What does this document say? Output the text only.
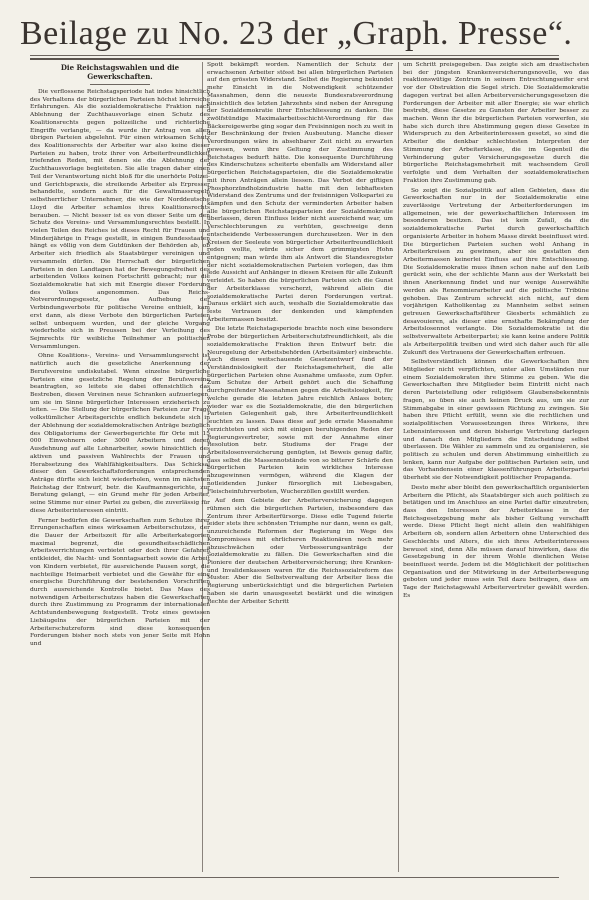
Beilage zu No. 23 der „Graph. Presse“.
Die Reichstagswahlen und die
Gewerkschaften.

Die verflossene Reichstagsperiode hat indes hinsichtlich des Verhaltens der bürgerlichen Parteien höchst lehrreiche Erfahrungen. Als die sozialdemokratische Fraktion nach Ablehnung der Zuchthausvorlage einen Schutz des Koalitionsrechts gegen polizeiliche und richterliche Eingriffe verlangte, — da wurde ihr Antrag von allen übrigen Parteien abgelehnt. Für einen wirksamen Schutz des Koalitionsrechts der Arbeiter war also keine dieser Parteien zu haben, trotz ihrer von Arbeiterfreundlichkeit triefenden Reden, mit denen sie die Ablehnung der Zuchthausvorlage begleiteten. Sie alle tragen daher einen Teil der Verantwortung nicht bloß für die unerhörte Polizei- und Gerichtspraxis, die streikende Arbeiter als Erpresser behandelte, sondern auch für die Gewaltmassregeln selbstherrlicher Unternehmer, die wie der Norddeutsche Lloyd die Arbeiter schamlos ihres Koalitionsrechts berauben. — Nicht besser ist es von dieser Seite um den Schutz des Vereins- und Versammlungsrechtes bestellt. In vielen Teilen des Reiches ist dieses Recht für Frauen und Minderjährige in Frage gestellt, in einigen Bundesstaaten hängt es völlig von dem Gutdünken der Behörden ab, ob Arbeiter sich friedlich als Staatsbürger vereinigen und versammeln dürfen. Die Herrschaft der bürgerlichen Parteien in den Landtagen hat der Bewegungsfreiheit des arbeitenden Volkes keinen Fortschritt gebracht; nur die Sozialdemokratie hat sich mit Energie dieser Forderung des Volkes angenommen. Das Reichs-Notverordnungsgesetz, das Aufhebung der Verbindungsverbote für politische Vereine enthielt, kam erst dann, als diese Verbote den bürgerlichen Parteien selbst unbequem wurden, und der gleiche Vorgang wiederholte sich in Preussen bei der Verleihung des Sejmrechts für weibliche Teilnehmer an politischen Versammlungen.

Ohne Koalitions-, Vereins- und Versammlungsrecht ist natürlich auch die gesetzliche Anerkennung der Berufsvereine undiskutabel. Wenn einzelne bürgerliche Parteien eine gesetzliche Regelung der Berufsvereine beantragten, so leitete sie dabei offensichtlich das Bestreben, diesen Vereinen neue Schranken aufzuerlegen, um sie im Sinne bürgerlicher Interessen erzieherisch zu leiten. — Die Stellung der bürgerlichen Parteien zur Frage volkstümlicher Arbeitsgerichte endlich bekundete sich in der Ablehnung der sozialdemokratischen Anträge bezüglich des Obligatoriums der Gewerbegerichte für Orte mit 15 000 Einwohnern oder 3000 Arbeitern und deren Ausdehnung auf alle Lohnarbeiter, sowie hinsichtlich des aktiven und passiven Wahlrechts der Frauen und Herabsetzung des Wahlfähigkeitsalters. Das Schicksal dieser den Gewerkschaftsforderungen entsprechenden Anträge dürfte sich leicht wiederholen, wenn im nächsten Reichstag der Entwurf, betr. die Kaufmannsgerichte, zur Beratung gelangt, — ein Grund mehr für jeden Arbeiter, seine Stimme nur einer Partei zu geben, die zuverlässig für diese Arbeiterinteressen eintritt.

Ferner bedürfen die Gewerkschaften zum Schutze ihrer Errungenschaften eines wirksamen Arbeiterschutzes, der die Dauer der Arbeitszeit für alle Arbeiterkategorien maximal begrenzt, die gesundheitsschädlichen Arbeitsverrichtungen verbietet oder doch ihrer Gefahren entkleidet, die Nacht- und Sonntagsarbeit sowie die Arbeit von Kindern verbietet, für ausreichende Pausen sorgt, die nachteilige Heimarbeit verbietet und die Gewähr für eine energische Durchführung der bestehenden Vorschriften durch ausreichende Kontrolle bietet. Das Mass des notwendigen Arbeiterschutzes haben die Gewerkschaften durch ihre Zustimmung zu Programm der internationalen Achtstundenbewegung festgestellt. Trotz eines gewissen Liebäugelns der bürgerlichen Parteien mit der Arbeiterschutzreform sind diese konsequenten Forderungen bisher noch stets von jener Seite mit Hohn und

Spott bekämpft worden. Namentlich der Schutz der erwachsenen Arbeiter stösst bei allen bürgerlichen Parteien auf den grössten Widerstand. Selbst die Regierung bekundet mehr Einsicht in die Notwendigkeit schützender Massnahmen, denn die neueste Bundesratsverordnung hinsichtlich des letzten Jahrzehnts sind neben der Anregung der Sozialdemokratie ihrer Entschliessung zu danken. Die zwölfstündige Maximalarbeitsschicht-Verordnung für das Bäckereigewerbe ging sogar den Freisinnigen noch zu weit in der Beschränkung der freien Ausbeutung. Manche dieser Verordnungen wäre in absehbarer Zeit nicht zu erwarten gewesen, wenn ihre Geltung der Zustimmung des Reichstages bedurft hätte. Die konsequente Durchführung des Kinderschutzes scheiterte ebenfalls am Widerstand aller bürgerlichen Reichstagsparteien, die die Sozialdemokratie mit ihren Anträgen allein liessen. Das Verbot der giftigen Phosphorzündholzindustrie hatte mit den lebhaftesten Widerstand des Zentrums und der freisinnigen Volkspartei zu kämpfen und den Schutz der verminderten Arbeiter haben alle bürgerlichen Reichstagsparteien der Sozialdemokratie überlassen, deren Einfluss leider nicht ausreichend war, um Verschlechterungen zu verhüten, geschweige denn entscheidende Verbesserungen durchzusetzen. Wer in den Kreisen der Seeleute von bürgerlicher Arbeiterfreundlichkeit reden wollte, würde sicher dem grimmigsten Hohn entgegnen; man würde ihm als Antwort die Standesregister der nicht sozialdemokratischen Parteien vorlegen, das ihm jede Aussicht auf Anhänger in diesen Kreisen für alle Zukunft verleidet. So haben die bürgerlichen Parteien sich die Gunst der Arbeiterklasse verscherzt, während allein die sozialdemokratische Partei deren Forderungen vertrat. Daraus erklärt sich auch, weshalb die Sozialdemokratie das feste Vertrauen der denkenden und kämpfenden Arbeitermassen besitzt.

Die letzte Reichstagsperiode brachte noch eine besondere Probe der bürgerlichen Arbeiterschutzfreundlichkeit, als die sozialdemokratische Fraktion ihren Entwurf betr. die Neuregelung der Arbeitsbehörden (Arbeitsämter) einbrachte. Auch diesen weitschauende Gesetzentwurf fand der Verständnislosigkeit der Reichstagsmehrheit, die alle bürgerlichen Parteien ohne Ausnahme umfasste, zum Opfer. Zum Schutze der Arbeit gehört auch die Schaffung durchgreifender Massnahmen gegen die Arbeitslosigkeit, für welche gerade die letzten Jahre reichlich Anlass boten; wieder war es die Sozialdemokratie, die den bürgerlichen Parteien Gelegenheit gab, ihre Arbeiterfreundlichkeit leuchten zu lassen. Dass diese auf jede ernste Massnahme verzichteten und sich mit einigen beruhigenden Reden der Regierungsvertreter, sowie mit der Annahme einer Resolution betr. Studiums der Frage der Arbeitslosenversicherung genügten, ist Beweis genug dafür, dass selbst die Massennotstände von so bitterer Schärfe den bürgerlichen Parteien kein wirkliches Interesse abzugewinnen vermögen, während die Klagen der notleidenden Junker fürsorglich mit Liebesgaben, Fleischeinfuhrverboten, Wucherzöllen gestillt werden.

Auf dem Gebiete der Arbeiterversicherung dagegen rühmen sich die bürgerlichen Parteien, insbesondere das Zentrum ihrer Arbeiterfürsorge. Diese edle Tugend feierte leider stets ihre schönsten Triumphe nur dann, wenn es galt, unzureichende Reformen der Regierung im Wege des Kompromisses mit ehrlicheren Reaktionären noch mehr abzuschwächen oder Verbesserungsanträge der Sozialdemokratie zu fällen. Die Gewerkschaften sind die Pioniere der deutschen Arbeiterversicherung; ihre Kranken- und Invalidenkassen waren für die Reichssozialreform das Muster. Aber die Selbstverwaltung der Arbeiter liess die Regierung unberücksichtigt und die bürgerlichen Parteien haben sie darin unausgesetzt bestärkt und die winzigen Rechte der Arbeiter Schritt

um Schritt preisgegeben. Das zeigte sich am drastischsten bei der jüngsten Krankenversicherungsnovelle, wo das reaktionswütige Zentrum in seinem Entrechtungseifer erst vor der Obstruktion die Segel strich. Die Sozialdemokratie dagegen vertrat bei allen Arbeiterversicherungsgesetzen die Forderungen der Arbeiter mit aller Energie; sie war ehrlich bestrebt, diese Gesetze zu Gunsten der Arbeiter besser zu machen. Wenn ihr die bürgerlichen Parteien vorwerfen, sie habe sich durch ihre Abstimmung gegen diese Gesetze in Widerspruch zu den Arbeiterinteressen gesetzt, so sind die Arbeiter die denkbar schlechtesten Interpreten der Stimmung der Arbeiterklasse, die im Gegenteil die Verhinderung guter Versicherungsgesetze durch die bürgerliche Reichstagsmehrheit mit wachsendem Groll verfolgte und dem Verhalten der sozialdemokratischen Fraktion ihre Zustimmung gab.

So zeigt die Sozialpolitik auf allen Gebieten, dass die Gewerkschaften nur in der Sozialdemokratie eine zuverlässige Vertretung der Arbeiterforderungen im allgemeinen, wie der gewerkschaftlichen Interessen im besonderen besitzen. Das ist kein Zufall, da die sozialdemokratische Partei durch gewerkschaftlich organisierte Arbeiter in hohem Masse direkt beeinflusst wird. Die bürgerlichen Parteien suchen wohl Anhang in Arbeiterkreisen zu gewinnen, aber sie gestatten den Arbeitermassen keinerlei Einfluss auf ihre Entschliessung. Die Sozialdemokratie muss ihnen schon nahe auf den Leib gerückt sein, ehe der schlichte Mann aus der Werkstatt bei ihnen Anerkennung findet und nur wenige Auserwählte werden als Renommierarbeiter auf die politische Tribüne gehoben. Das Zentrum schreckt sich nicht, auf dem vorjährigen Katholikentag zu Mannheim selbst seinen getreuen Gewerkschaftsführer Giesberts schmählich zu desavouieren, als dieser eine ernsthafte Bekämpfung der Arbeitslosennot verlangte. Die Sozialdemokratie ist die selbstverwaltete Arbeiterpartei; sie kann keine andere Politik als Arbeiterpolitik treiben und wird sich daher auch für alle Zukunft des Vertrauens der Gewerkschaften erfreuen.

Selbstverständlich können die Gewerkschaften ihre Mitglieder nicht verpflichten, unter allen Umständen nur einem Sozialdemokraten ihre Stimme zu geben. Wie die Gewerkschaften ihre Mitglieder beim Eintritt nicht nach deren Parteistellung oder religiösem Glaubensbekenntnis fragen, so üben sie auch keinen Druck aus, um sie zur Stimmabgabe in einer gewissen Richtung zu zwingen. Sie haben ihre Pflicht erfüllt, wenn sie die rechtlichen und sozialpolitischen Voraussetzungen ihres Wirkens, ihre Lebensinteressen und deren bisherige Vertretung darlegen und danach den Mitgliedern die Entscheidung selbst überlassen. Die Wähler zu sammeln und zu organisieren, sie politisch zu schulen und deren Abstimmung einheitlich zu lenken, kann nur Aufgabe der politischen Parteien sein, und das Vorhandensein einer klassenführungen Arbeiterpartei überhebt sie der Notwendigkeit politischer Propaganda.

Desto mehr aber bleibt den gewerkschaftlich organisierten Arbeitern die Pflicht, als Staatsbürger sich auch politisch zu betätigen und im Anschluss an eine Partei dafür einzutreten, dass den Interessen der Arbeiterklasse in der Reichsgesetzgebung mehr als bisher Geltung verschafft werde. Diese Pflicht liegt nicht allein den wahlfähigen Arbeitern ob, sondern allen Arbeitern ohne Unterschied des Geschlechts und Alters, die sich ihres Arbeiterinteresses bewusst sind, denn Alle müssen darauf hinwirken, dass die Gesetzgebung in der ihrem Wohle dienlichen Weise beeinflusst werde. Jedem ist die Möglichkeit der politischen Organisation und der Mitwirkung in der Arbeiterbewegung geboten und jeder muss sein Teil dazu beitragen, dass am Tage der Reichstagswahl Arbeitervertreter gewählt werden. Es
